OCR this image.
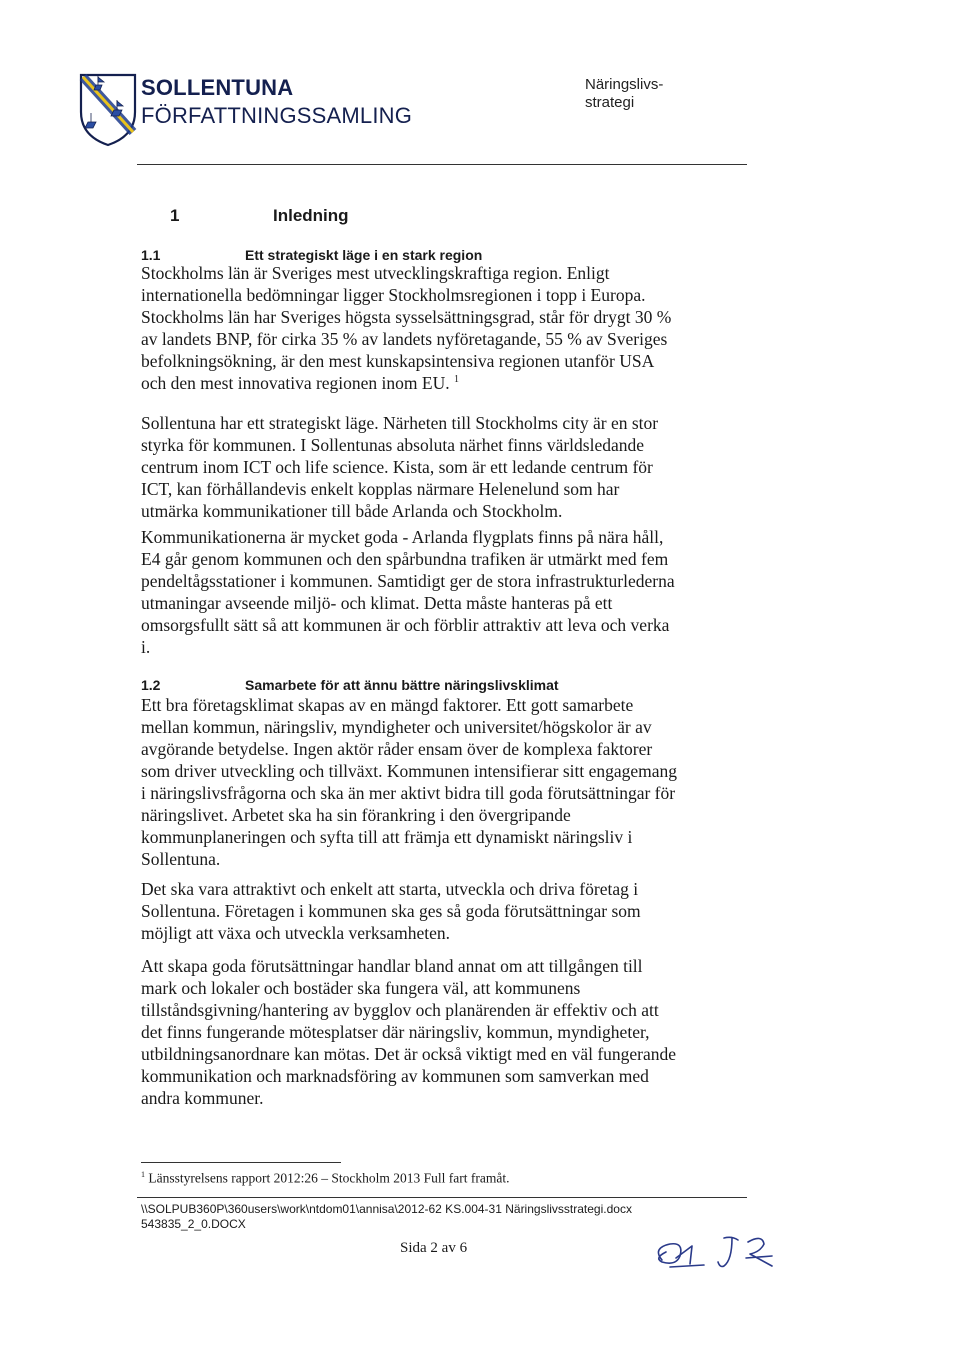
SOLLENTUNA
FÖRFATTNINGSSAMLING
Näringslivs-
strategi
1	Inledning
1.1	Ett strategiskt läge i en stark region
Stockholms län är Sveriges mest utvecklingskraftiga region. Enligt
internationella bedömningar ligger Stockholmsregionen i topp i Europa.
Stockholms län har Sveriges högsta sysselsättningsgrad, står för drygt 30 %
av landets BNP, för cirka 35 % av landets nyföretagande, 55 % av Sveriges
befolkningsökning, är den mest kunskapsintensiva regionen utanför USA
och den mest innovativa regionen inom EU. $^1$
Sollentuna har ett strategiskt läge. Närheten till Stockholms city är en stor
styrka för kommunen. I Sollentunas absoluta närhet finns världsledande
centrum inom ICT och life science. Kista, som är ett ledande centrum för
ICT, kan förhållandevis enkelt kopplas närmare Helenelund som har
utmärka kommunikationer till både Arlanda och Stockholm.
Kommunikationerna är mycket goda - Arlanda flygplats finns på nära håll,
E4 går genom kommunen och den spårbundna trafiken är utmärkt med fem
pendeltågsstationer i kommunen. Samtidigt ger de stora infrastrukturlederna
utmaningar avseende miljö- och klimat. Detta måste hanteras på ett
omsorgsfullt sätt så att kommunen är och förblir attraktiv att leva och verka
i.
1.2	Samarbete för att ännu bättre näringslivsklimat
Ett bra företagsklimat skapas av en mängd faktorer. Ett gott samarbete
mellan kommun, näringsliv, myndigheter och universitet/högskolor är av
avgörande betydelse. Ingen aktör råder ensam över de komplexa faktorer
som driver utveckling och tillväxt. Kommunen intensifierar sitt engagemang
i näringslivsfrågorna och ska än mer aktivt bidra till goda förutsättningar för
näringslivet. Arbetet ska ha sin förankring i den övergripande
kommunplaneringen och syfta till att främja ett dynamiskt näringsliv i
Sollentuna.
Det ska vara attraktivt och enkelt att starta, utveckla och driva företag i
Sollentuna. Företagen i kommunen ska ges så goda förutsättningar som
möjligt att växa och utveckla verksamheten.
Att skapa goda förutsättningar handlar bland annat om att tillgången till
mark och lokaler och bostäder ska fungera väl, att kommunens
tillståndsgivning/hantering av bygglov och planärenden är effektiv och att
det finns fungerande mötesplatser där näringsliv, kommun, myndigheter,
utbildningsanordnare kan mötas. Det är också viktigt med en väl fungerande
kommunikation och marknadsföring av kommunen som samverkan med
andra kommuner.
$^1$ Länsstyrelsens rapport 2012:26 – Stockholm 2013 Full fart framåt.
\\SOLPUB360P\360users\work\ntdom01\annisa\2012-62 KS.004-31 Näringslivsstrategi.docx
543835_2_0.DOCX
Sida 2 av 6
